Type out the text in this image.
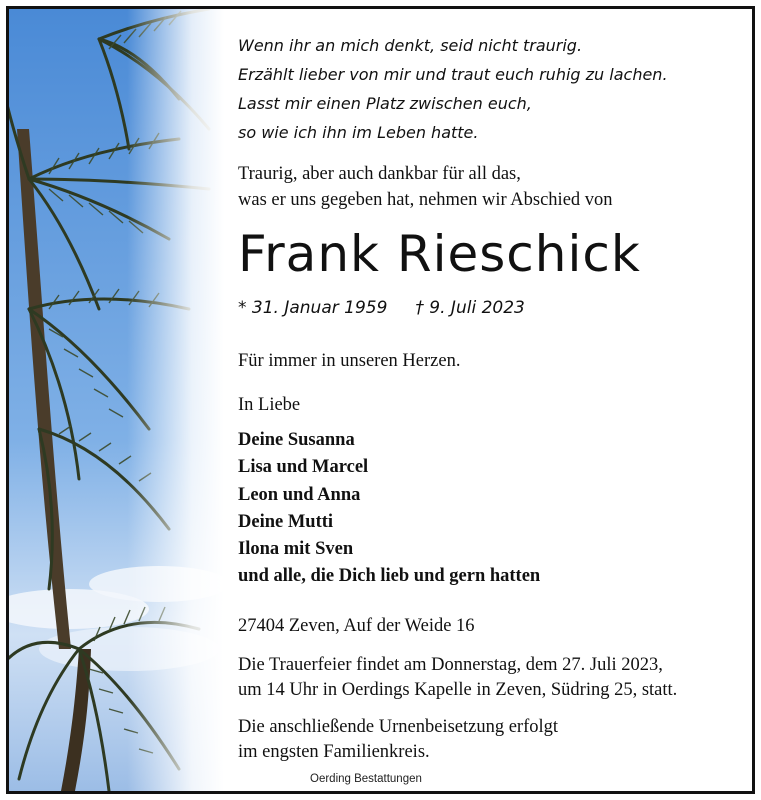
Wenn ihr an mich denkt, seid nicht traurig.
Erzählt lieber von mir und traut euch ruhig zu lachen.
Lasst mir einen Platz zwischen euch,
so wie ich ihn im Leben hatte.
Traurig, aber auch dankbar für all das,
was er uns gegeben hat, nehmen wir Abschied von
Frank Rieschick
* 31. Januar 1959 † 9. Juli 2023
Für immer in unseren Herzen.
In Liebe
Deine Susanna
Lisa und Marcel
Leon und Anna
Deine Mutti
Ilona mit Sven
und alle, die Dich lieb und gern hatten
27404 Zeven, Auf der Weide 16
Die Trauerfeier findet am Donnerstag, dem 27. Juli 2023,
um 14 Uhr in Oerdings Kapelle in Zeven, Südring 25, statt.
Die anschließende Urnenbeisetzung erfolgt
im engsten Familienkreis.
Oerding Bestattungen
